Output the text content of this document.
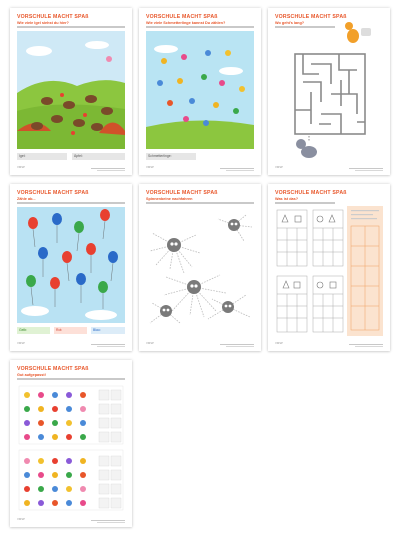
VORSCHULE MACHT SPAß
Wie viele Igel siehst du hier?
Igel:	Äpfel:
VMSP
VORSCHULE MACHT SPAß
Wie viele Schmetterlinge kannst Du zählen?
Schmetterlinge:
VMSP
VORSCHULE MACHT SPAß
Wo geht's lang?
VMSP
VORSCHULE MACHT SPAß
Zähle ab...
Gelb:	Rot:	Blau:
VMSP
VORSCHULE MACHT SPAß
Spinnenbeine nachfahren
VMSP
VORSCHULE MACHT SPAß
Was ist das?
VMSP
VORSCHULE MACHT SPAß
Gut aufgepasst!
VMSP
